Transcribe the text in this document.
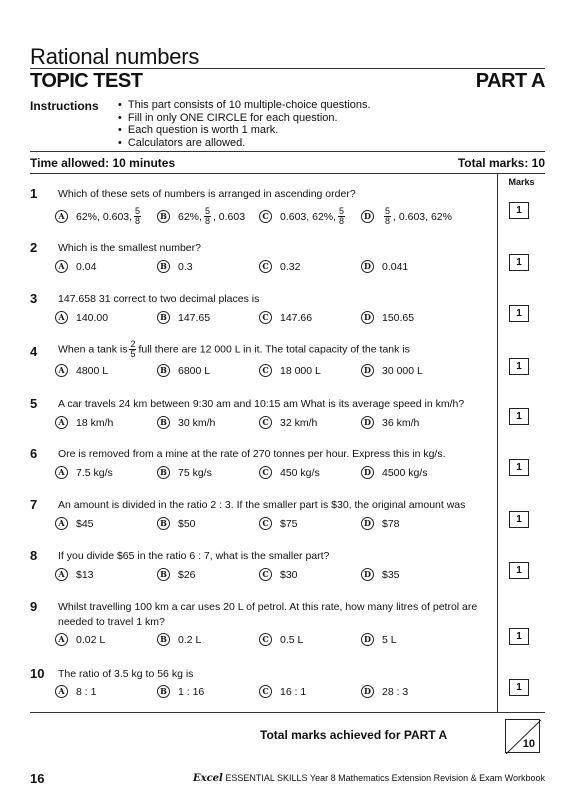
Rational numbers
TOPIC TEST	PART A
Instructions
•	This part consists of 10 multiple-choice questions.
• Fill in only ONE CIRCLE for each question.
• Each question is worth 1 mark.
• Calculators are allowed.
Time allowed: 10 minutes	Total marks: 10
Marks
1 Which of these sets of numbers is arranged in ascending order?
A	62%, 0.603, $\frac{5}{8}$	B 62%, $\frac{5}{8}$ , 0.603	C	0.603, 62%, $\frac{5}{8}$	D	$\frac{5}{8}$ , 0.603, 62%
2 Which is the smallest number?
A	0.04	B 0.3	C	0.32	D 0.041
3 147.658 31 correct to two decimal places is
A	140.00	B 147.65	C	147.66	D 150.65
4 When a tank is $\frac{2}{5}$ full there are 12 000 L in it. The total capacity of the tank is
A	4800 L	B 6800 L	C	18 000 L	D 30 000 L
5 A car travels 24 km between 9:30 am and 10:15 am What is its average speed in km/h?
A	18 km/h	B 30 km/h	C	32 km/h	D 36 km/h
6 Ore is removed from a mine at the rate of 270 tonnes per hour. Express this in kg/s.
A	7.5 kg/s	B 75 kg/s	C	450 kg/s	D 4500 kg/s
7 An amount is divided in the ratio 2 : 3. If the smaller part is $30, the original amount was
A	$45	B $50	C	$75	D $78
8 If you divide $65 in the ratio 6 : 7, what is the smaller part?
A	$13	B $26	C	$30	D $35
9 Whilst travelling 100 km a car uses 20 L of petrol. At this rate, how many litres of petrol are needed to travel 1 km?
A	0.02 L	B 0.2 L	C	0.5 L	D 5 L
10 The ratio of 3.5 kg to 56 kg is
A	8 : 1	B 1 : 16	C	16 : 1	D 28 : 3
Total marks achieved for PART A
10
16	Excel ESSENTIAL SKILLS Year 8 Mathematics Extension Revision & Exam Workbook
1
1
1
1
1
1
1
1
1
1
